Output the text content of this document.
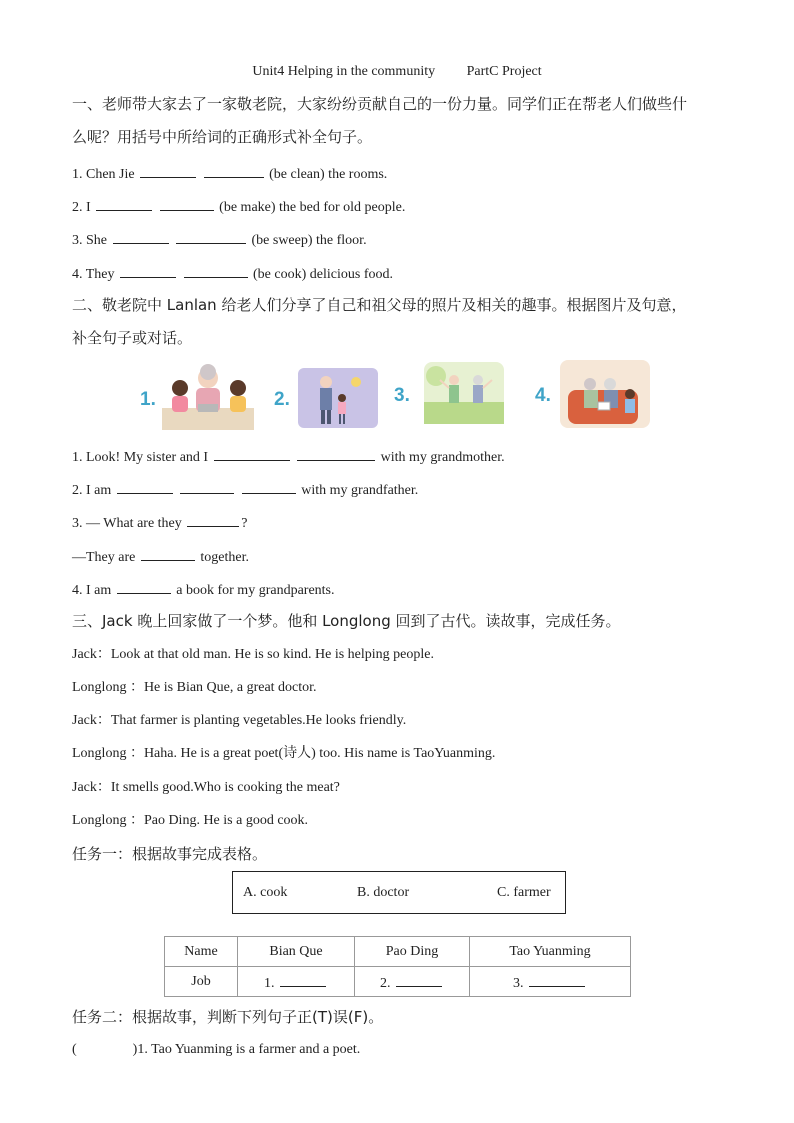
Unit4 Helping in the community PartC Project
一、老师带大家去了一家敬老院，大家纷纷贡献自己的一份力量。同学们正在帮老人们做些什
么呢？用括号中所给词的正确形式补全句子。
1. Chen Jie	(be clean) the rooms.
2. I	(be make) the bed for old people.
3. She	(be sweep) the floor.
4. They	(be cook) delicious food.
二、敬老院中 Lanlan 给老人们分享了自己和祖父母的照片及相关的趣事。根据图片及句意，
补全句子或对话。
1.	2.	3.	4.
1. Look! My sister and I	with my grandmother.
2. I am	with my grandfather.
3. — What are they	?
—They are	together.
4. I am	a book for my grandparents.
三、Jack 晚上回家做了一个梦。他和 Longlong 回到了古代。读故事，完成任务。
Jack：Look at that old man. He is so kind. He is helping people.
Longlong ：He is Bian Que, a great doctor.
Jack：That farmer is planting vegetables.He looks friendly.
Longlong ：Haha. He is a great poet(诗人) too. His name is TaoYuanming.
Jack：It smells good.Who is cooking the meat?
Longlong ：Pao Ding. He is a good cook.
任务一：根据故事完成表格。
A. cook	B. doctor	C. farmer
Name	Bian Que	Pao Ding	Tao Yuanming
Job	1.	2.	3.
任务二：根据故事，判断下列句子正(T)误(F)。
(	)1. Tao Yuanming is a farmer and a poet.
